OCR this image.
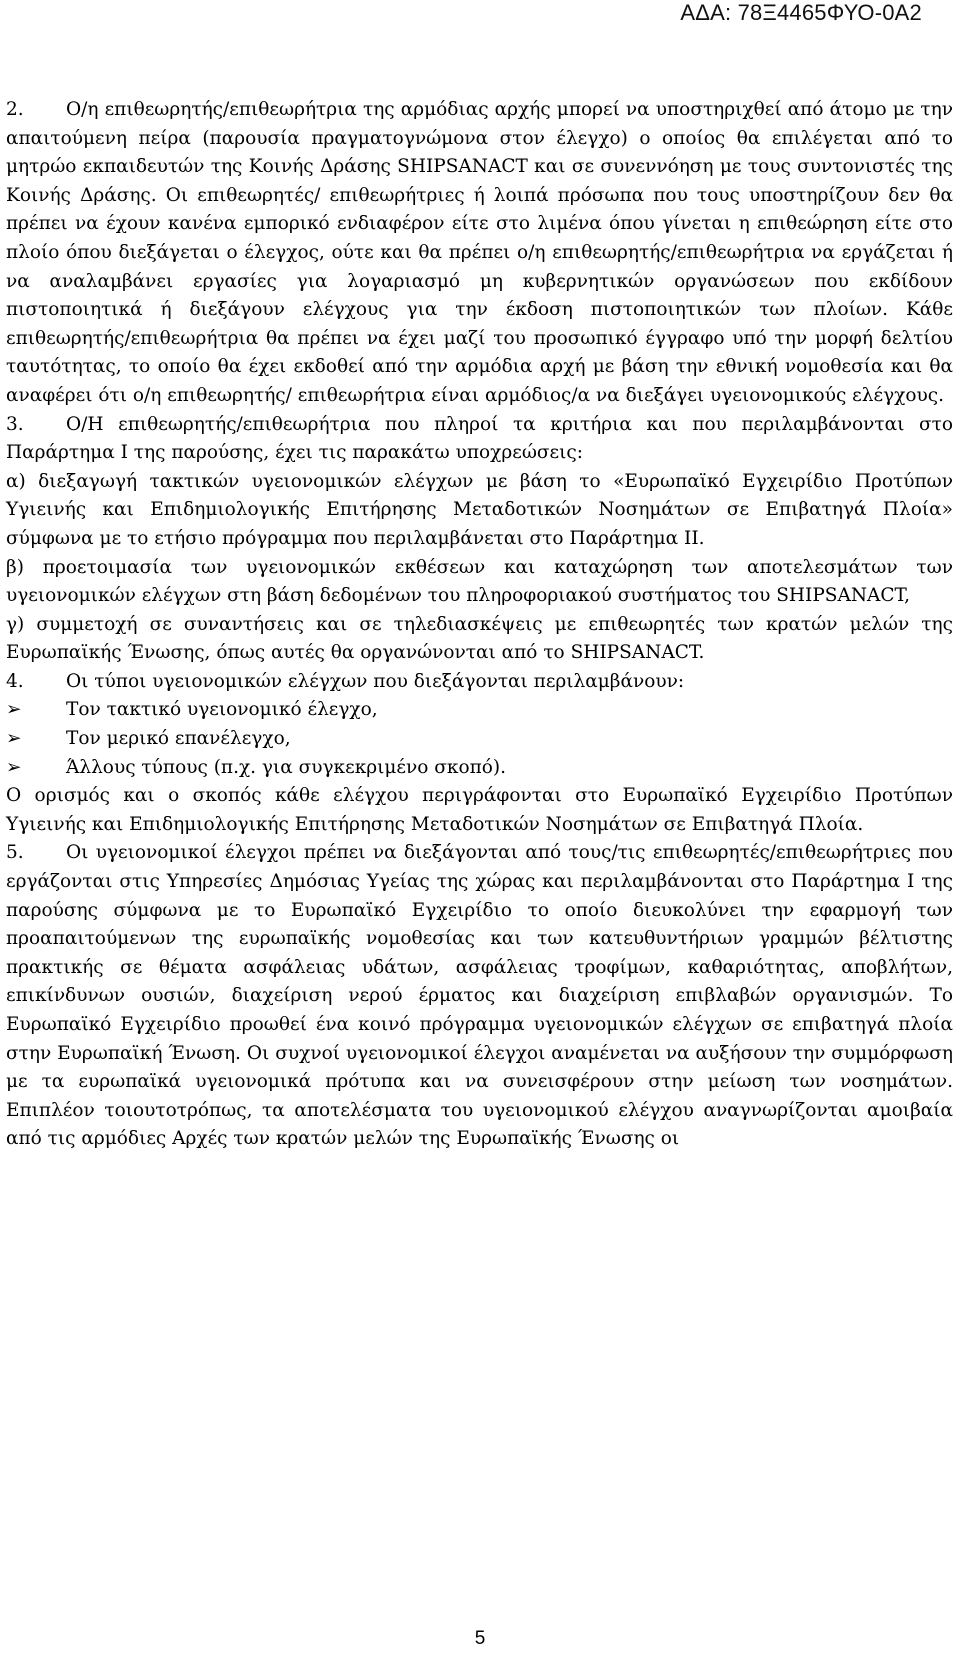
ΑΔΑ: 78Ξ4465ΦΥΟ-0Α2

2. O/η επιθεωρητής/επιθεωρήτρια της αρμόδιας αρχής μπορεί να υποστηριχθεί από άτομο με την απαιτούμενη πείρα (παρουσία πραγματογνώμονα στον έλεγχο) ο οποίος θα επιλέγεται από το μητρώο εκπαιδευτών της Κοινής Δράσης SHIPSANACT και σε συνεννόηση με τους συντονιστές της Κοινής Δράσης. Οι επιθεωρητές/ επιθεωρήτριες ή λοιπά πρόσωπα που τους υποστηρίζουν δεν θα πρέπει να έχουν κανένα εμπορικό ενδιαφέρον είτε στο λιμένα όπου γίνεται η επιθεώρηση είτε στο πλοίο όπου διεξάγεται ο έλεγχος, ούτε και θα πρέπει ο/η επιθεωρητής/επιθεωρήτρια να εργάζεται ή να αναλαμβάνει εργασίες για λογαριασμό μη κυβερνητικών οργανώσεων που εκδίδουν πιστοποιητικά ή διεξάγουν ελέγχους για την έκδοση πιστοποιητικών των πλοίων. Κάθε επιθεωρητής/επιθεωρήτρια θα πρέπει να έχει μαζί του προσωπικό έγγραφο υπό την μορφή δελτίου ταυτότητας, το οποίο θα έχει εκδοθεί από την αρμόδια αρχή με βάση την εθνική νομοθεσία και θα αναφέρει ότι ο/η επιθεωρητής/ επιθεωρήτρια είναι αρμόδιος/α να διεξάγει υγειονομικούς ελέγχους.

3. Ο/Η επιθεωρητής/επιθεωρήτρια που πληροί τα κριτήρια και που περιλαμβάνονται στο Παράρτημα Ι της παρούσης, έχει τις παρακάτω υποχρεώσεις:

α) διεξαγωγή τακτικών υγειονομικών ελέγχων με βάση το «Ευρωπαϊκό Εγχειρίδιο Προτύπων Υγιεινής και Επιδημιολογικής Επιτήρησης Μεταδοτικών Νοσημάτων σε Επιβατηγά Πλοία» σύμφωνα με το ετήσιο πρόγραμμα που περιλαμβάνεται στο Παράρτημα ΙΙ.

β) προετοιμασία των υγειονομικών εκθέσεων και καταχώρηση των αποτελεσμάτων των υγειονομικών ελέγχων στη βάση δεδομένων του πληροφοριακού συστήματος του SHIPSANACT,

γ) συμμετοχή σε συναντήσεις και σε τηλεδιασκέψεις με επιθεωρητές των κρατών μελών της Ευρωπαϊκής Ένωσης, όπως αυτές θα οργανώνονται από το SHIPSANACT.

4. Οι τύποι υγειονομικών ελέγχων που διεξάγονται περιλαμβάνουν:

➢	Τον τακτικό υγειονομικό έλεγχο,
➢	Τον μερικό επανέλεγχο,
➢	Άλλους τύπους (π.χ. για συγκεκριμένο σκοπό).

Ο ορισμός και ο σκοπός κάθε ελέγχου περιγράφονται στο Ευρωπαϊκό Εγχειρίδιο Προτύπων Υγιεινής και Επιδημιολογικής Επιτήρησης Μεταδοτικών Νοσημάτων σε Επιβατηγά Πλοία.

5. Οι υγειονομικοί έλεγχοι πρέπει να διεξάγονται από τους/τις επιθεωρητές/επιθεωρήτριες που εργάζονται στις Υπηρεσίες Δημόσιας Υγείας της χώρας και περιλαμβάνονται στο Παράρτημα Ι της παρούσης σύμφωνα με το Ευρωπαϊκό Εγχειρίδιο το οποίο διευκολύνει την εφαρμογή των προαπαιτούμενων της ευρωπαϊκής νομοθεσίας και των κατευθυντήριων γραμμών βέλτιστης πρακτικής σε θέματα ασφάλειας υδάτων, ασφάλειας τροφίμων, καθαριότητας, αποβλήτων, επικίνδυνων ουσιών, διαχείριση νερού έρματος και διαχείριση επιβλαβών οργανισμών. Το Ευρωπαϊκό Εγχειρίδιο προωθεί ένα κοινό πρόγραμμα υγειονομικών ελέγχων σε επιβατηγά πλοία στην Ευρωπαϊκή Ένωση. Οι συχνοί υγειονομικοί έλεγχοι αναμένεται να αυξήσουν την συμμόρφωση με τα ευρωπαϊκά υγειονομικά πρότυπα και να συνεισφέρουν στην μείωση των νοσημάτων. Επιπλέον τοιουτοτρόπως, τα αποτελέσματα του υγειονομικού ελέγχου αναγνωρίζονται αμοιβαία από τις αρμόδιες Αρχές των κρατών μελών της Ευρωπαϊκής Ένωσης οι

5
